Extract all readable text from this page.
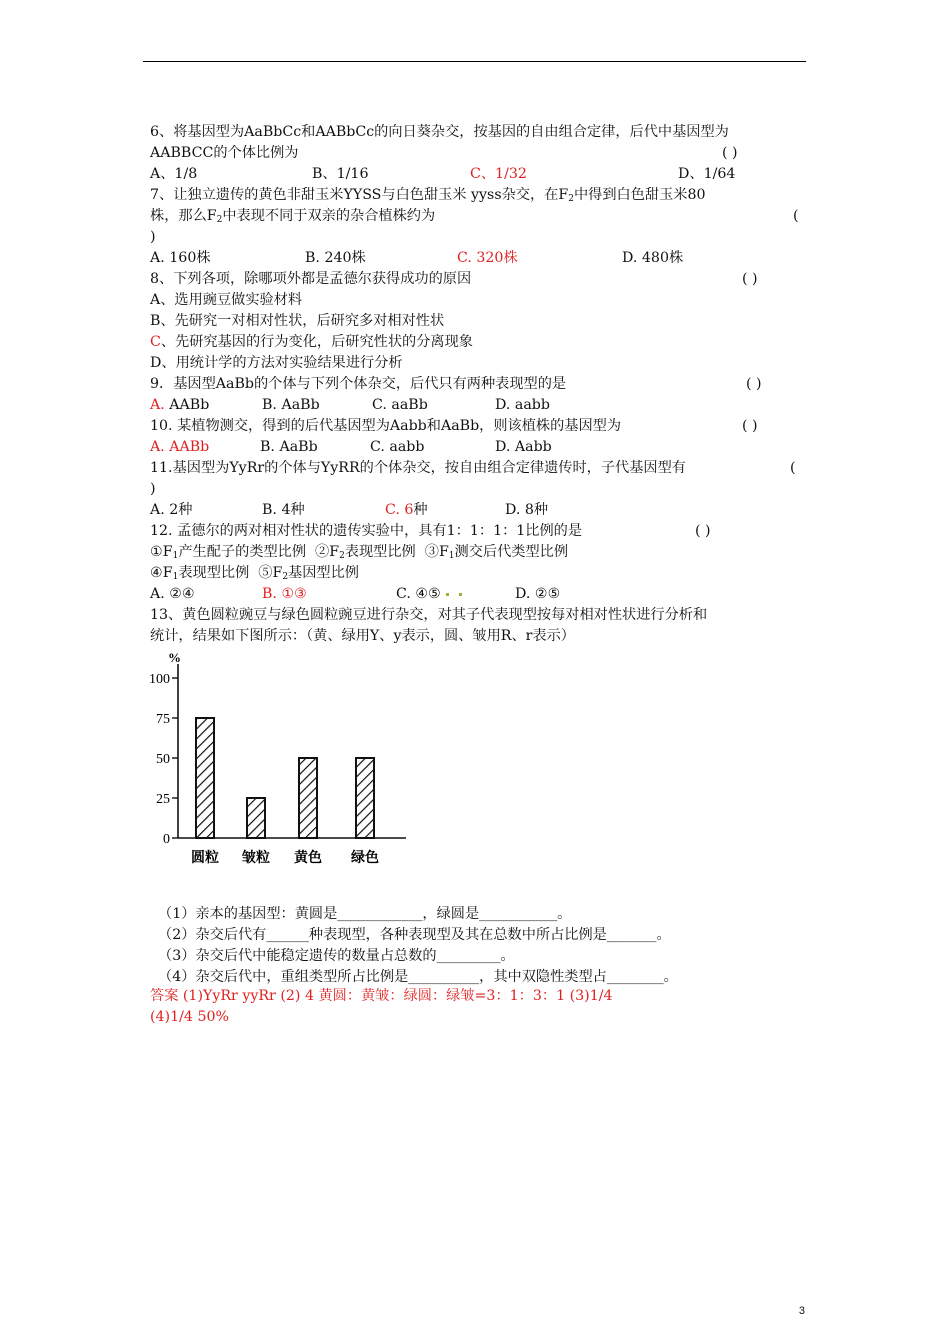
6、将基因型为AaBbCc和AABbCc的向日葵杂交，按基因的自由组合定律，后代中基因型为
AABBCC的个体比例为	( )
A、1/8	B、1/16	C、1/32	D、1/64
7、让独立遗传的黄色非甜玉米YYSS与白色甜玉米 yyss杂交，在$F_2$中得到白色甜玉米80
株，那么$F_2$中表现不同于双亲的杂合植株约为	(
)
A. 160株	B. 240株	C. 320株	D. 480株
8、下列各项，除哪项外都是孟德尔获得成功的原因	( )
A、选用豌豆做实验材料
B、先研究一对相对性状，后研究多对相对性状
C、先研究基因的行为变化，后研究性状的分离现象
D、用统计学的方法对实验结果进行分析
9．基因型AaBb的个体与下列个体杂交，后代只有两种表现型的是	( )
A. AABb	B. AaBb	C. aaBb	D. aabb
10. 某植物测交，得到的后代基因型为Aabb和AaBb，则该植株的基因型为	( )
A. AABb	B. AaBb	C. aabb	D. Aabb
11.基因型为YyRr的个体与YyRR的个体杂交，按自由组合定律遗传时，子代基因型有	(
)
A. 2种	B. 4种	C. 6种	D. 8种
12. 孟德尔的两对相对性状的遗传实验中，具有1：1：1：1比例的是	( )
$①F_1$产生配子的类型比例  $②F_2$表现型比例  $③F_1$测交后代类型比例
$④F_1$表现型比例  $⑤F_2$基因型比例
A. ②④	B. ①③	C. ④⑤	D. ②⑤
13、黄色圆粒豌豆与绿色圆粒豌豆进行杂交，对其子代表现型按每对相对性状进行分析和
统计，结果如下图所示：（黄、绿用Y、y表示，圆、皱用R、r表示）
%
100
75
50
25
0
圆粒 皱粒 黄色 绿色
（1）亲本的基因型：黄圆是____________，绿圆是___________。
（2）杂交后代有______种表现型，各种表现型及其在总数中所占比例是_______。
（3）杂交后代中能稳定遗传的数量占总数的_________。
（4）杂交后代中，重组类型所占比例是__________，其中双隐性类型占________。
答案 (1)YyRr yyRr (2) 4 黄圆：黄皱：绿圆：绿皱=3：1：3：1 (3)1/4
(4)1/4 50%
3
